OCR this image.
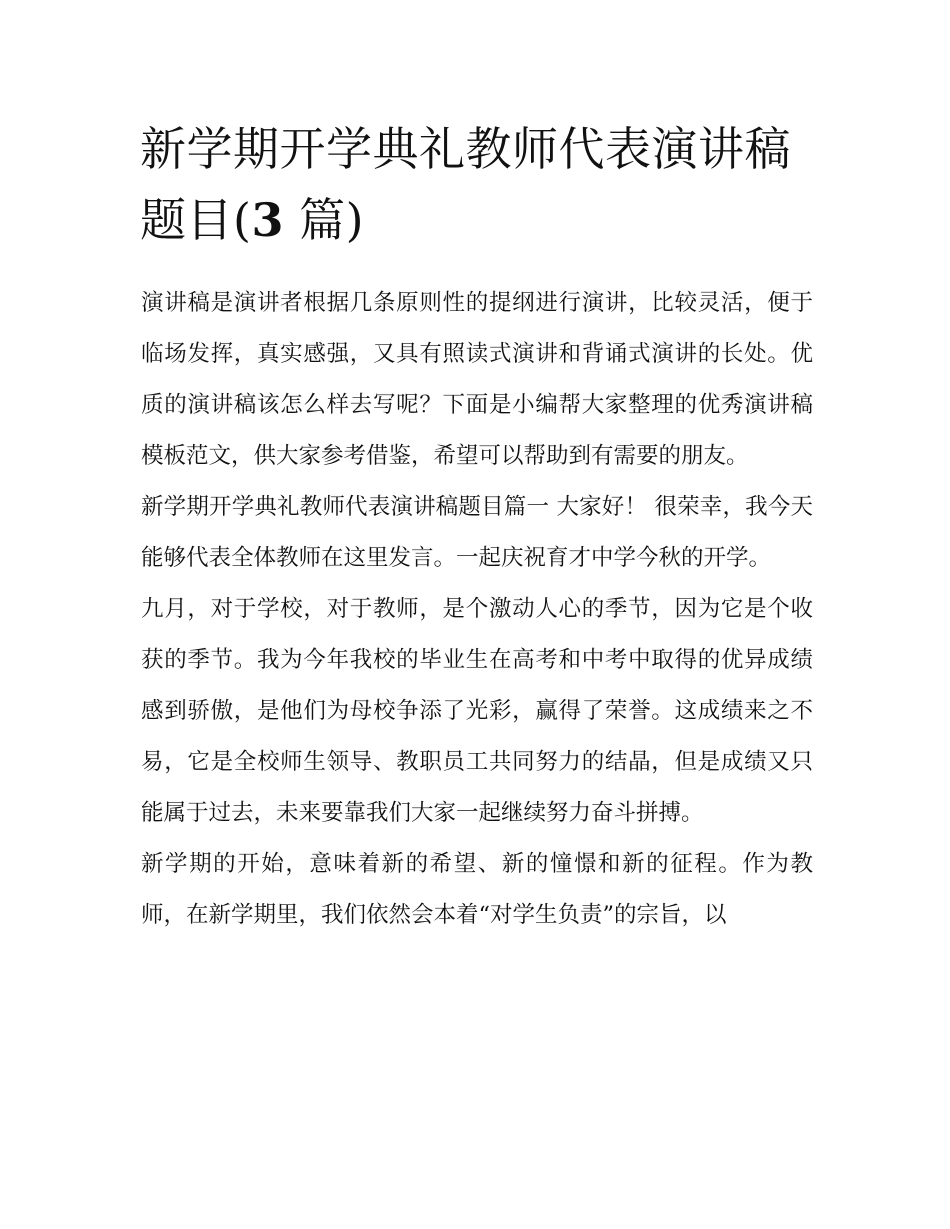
新学期开学典礼教师代表演讲稿题目(3 篇)

演讲稿是演讲者根据几条原则性的提纲进行演讲，比较灵活，便于临场发挥，真实感强，又具有照读式演讲和背诵式演讲的长处。优质的演讲稿该怎么样去写呢？下面是小编帮大家整理的优秀演讲稿模板范文，供大家参考借鉴，希望可以帮助到有需要的朋友。

新学期开学典礼教师代表演讲稿题目篇一 大家好！ 很荣幸，我今天能够代表全体教师在这里发言。一起庆祝育才中学今秋的开学。

九月，对于学校，对于教师，是个激动人心的季节，因为它是个收获的季节。我为今年我校的毕业生在高考和中考中取得的优异成绩感到骄傲，是他们为母校争添了光彩，赢得了荣誉。这成绩来之不易，它是全校师生领导、教职员工共同努力的结晶，但是成绩又只能属于过去，未来要靠我们大家一起继续努力奋斗拼搏。

新学期的开始，意味着新的希望、新的憧憬和新的征程。作为教师，在新学期里，我们依然会本着“对学生负责”的宗旨，以
